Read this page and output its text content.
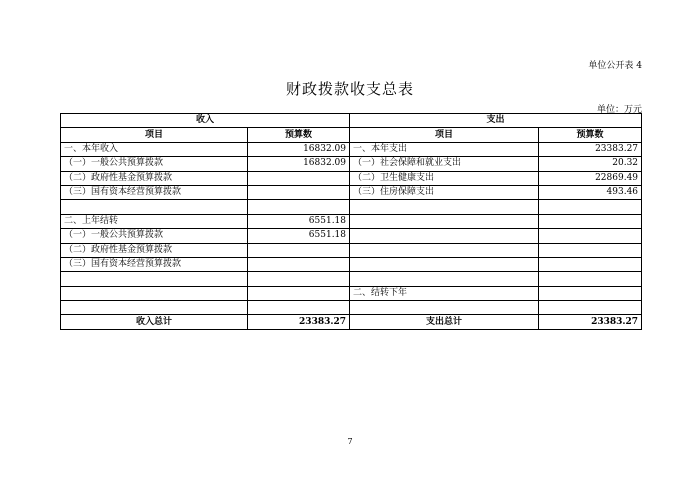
单位公开表 4
财政拨款收支总表
单位：万元
收入		支出	
项目	预算数	项目	预算数
一、本年收入	16832.09	一、本年支出	23383.27
（一）一般公共预算拨款	16832.09	（一）社会保障和就业支出	20.32
（二）政府性基金预算拨款		（二）卫生健康支出	22869.49
（三）国有资本经营预算拨款		（三）住房保障支出	493.46

二、上年结转	6551.18		
（一）一般公共预算拨款	6551.18		
（二）政府性基金预算拨款			
（三）国有资本经营预算拨款			

		二、结转下年	

收入总计	23383.27	支出总计	23383.27
7
